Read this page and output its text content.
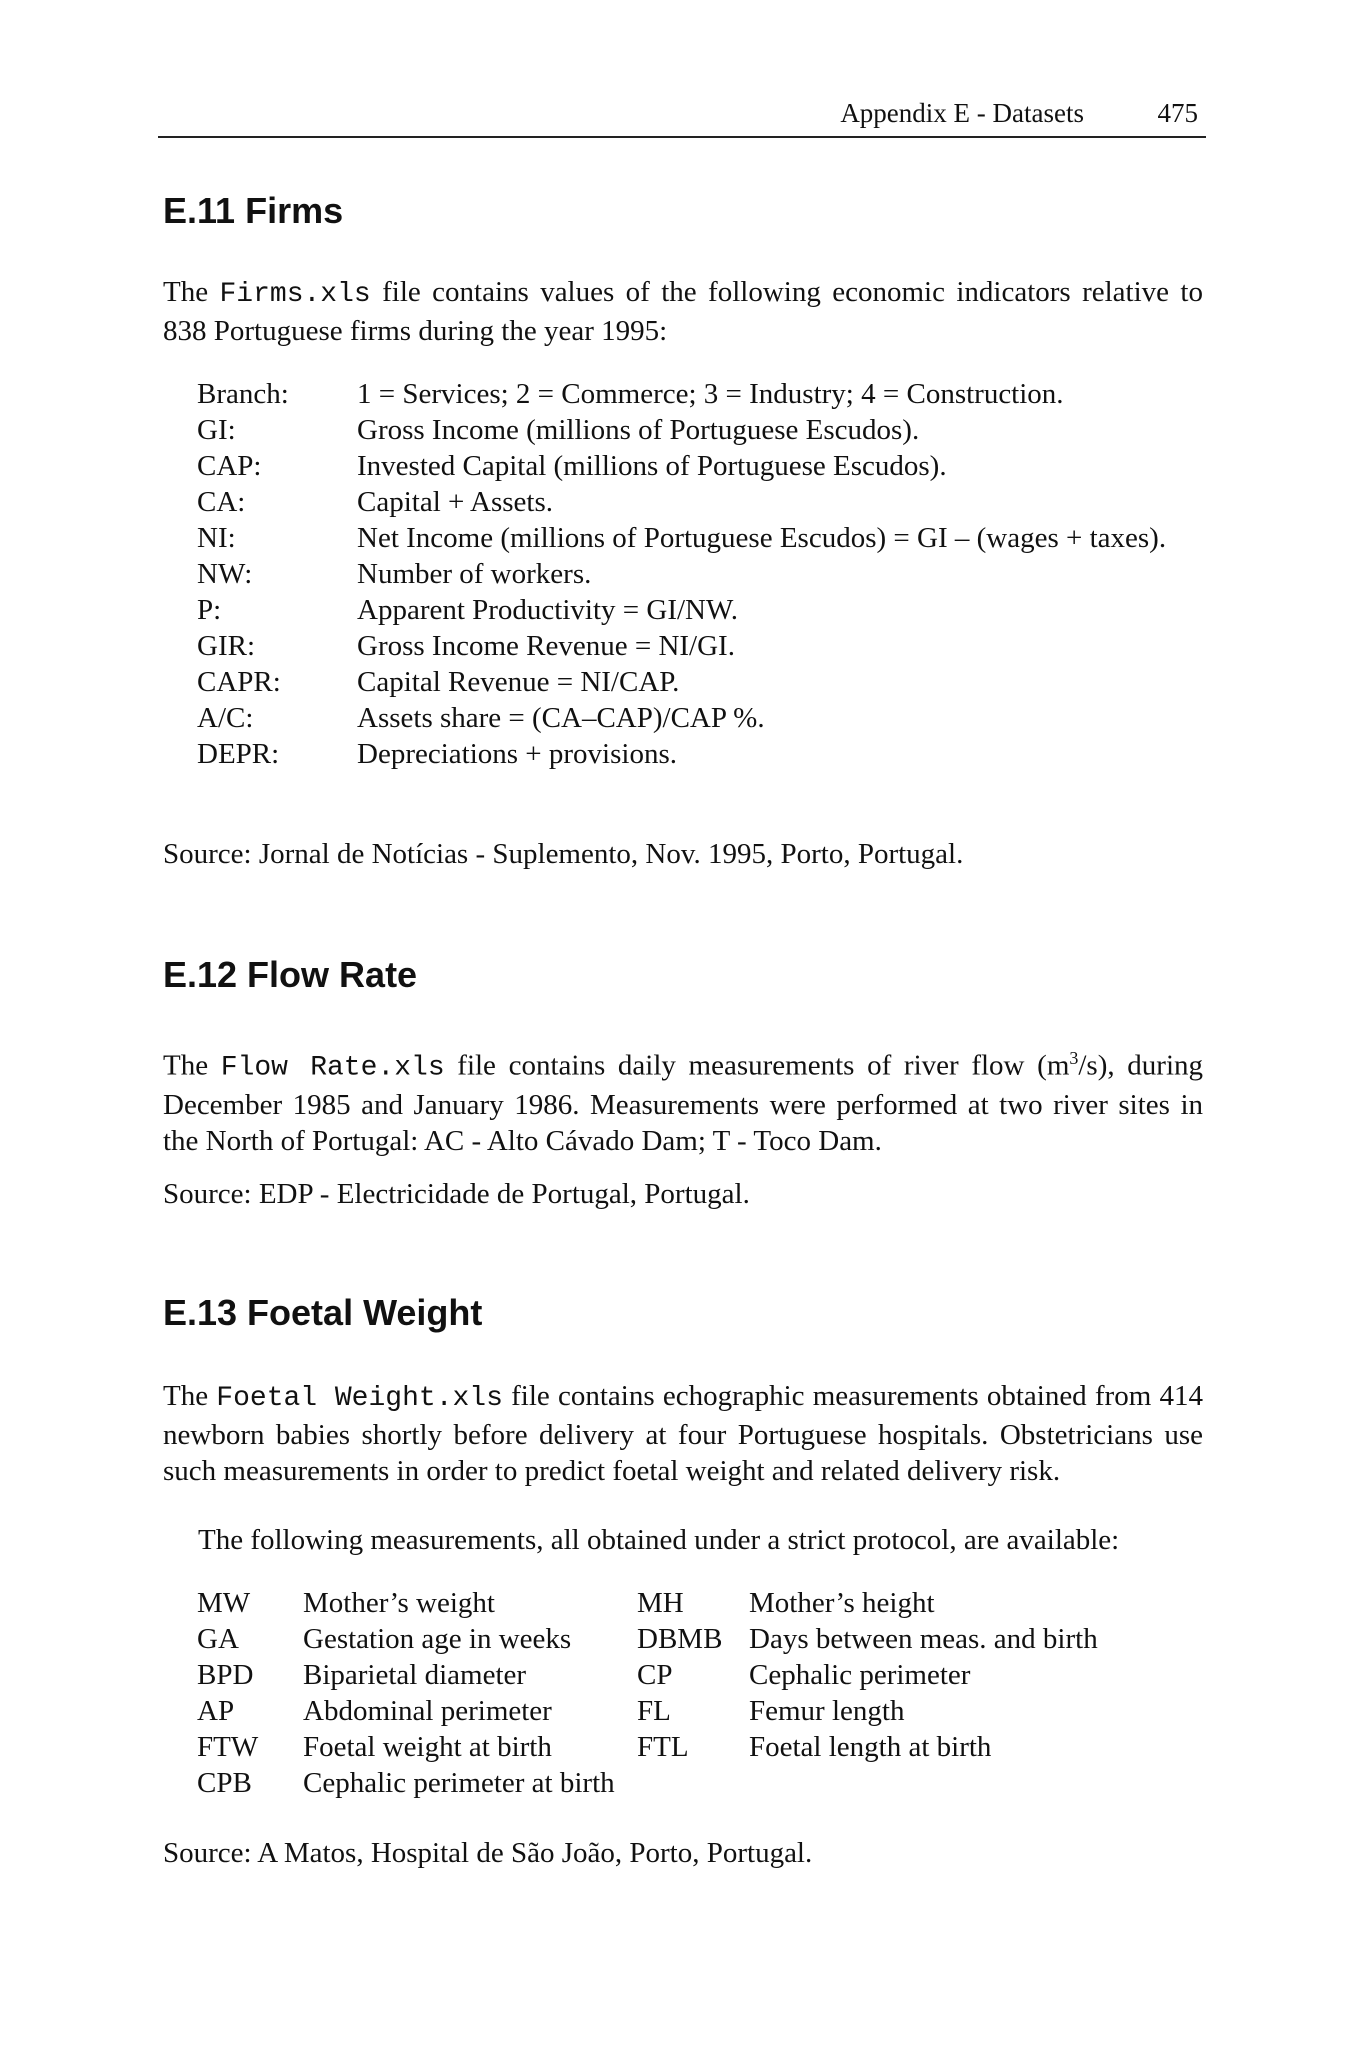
Appendix E - Datasets	475
E.11 Firms
The Firms.xls file contains values of the following economic indicators relative to 838 Portuguese firms during the year 1995:
Branch:	1 = Services; 2 = Commerce; 3 = Industry; 4 = Construction.
GI:	Gross Income (millions of Portuguese Escudos).
CAP:	Invested Capital (millions of Portuguese Escudos).
CA:	Capital + Assets.
NI:	Net Income (millions of Portuguese Escudos) = GI – (wages + taxes).
NW:	Number of workers.
P:	Apparent Productivity = GI/NW.
GIR:	Gross Income Revenue = NI/GI.
CAPR:	Capital Revenue = NI/CAP.
A/C:	Assets share = (CA–CAP)/CAP %.
DEPR:	Depreciations + provisions.
Source: Jornal de Notícias - Suplemento, Nov. 1995, Porto, Portugal.
E.12 Flow Rate
The Flow Rate.xls file contains daily measurements of river flow $(m^3/s)$, during December 1985 and January 1986. Measurements were performed at two river sites in the North of Portugal: AC - Alto Cávado Dam; T - Toco Dam.
Source: EDP - Electricidade de Portugal, Portugal.
E.13 Foetal Weight
The Foetal Weight.xls file contains echographic measurements obtained from 414 newborn babies shortly before delivery at four Portuguese hospitals. Obstetricians use such measurements in order to predict foetal weight and related delivery risk.
The following measurements, all obtained under a strict protocol, are available:
MW	Mother’s weight	MH	Mother’s height
GA	Gestation age in weeks	DBMB Days between meas. and birth
BPD	Biparietal diameter	CP	Cephalic perimeter
AP	Abdominal perimeter	FL	Femur length
FTW	Foetal weight at birth	FTL	Foetal length at birth
CPB	Cephalic perimeter at birth
Source: A Matos, Hospital de São João, Porto, Portugal.
